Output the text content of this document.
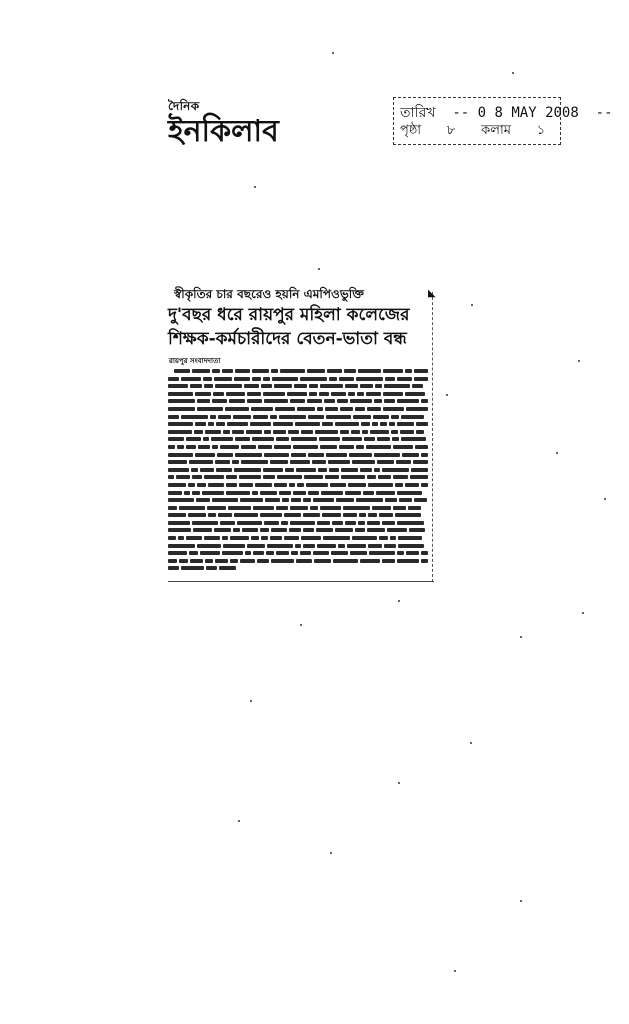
দৈনিক
ইনকিলাব
তারিখ  -- 0 8 MAY 2008  --
পৃষ্ঠা ৮ কলাম ১
স্বীকৃতির চার বছরেও হয়নি এমপিওভুক্তি
দু'বছর ধরে রায়পুর মহিলা কলেজের
শিক্ষক-কর্মচারীদের বেতন-ভাতা বন্ধ
রায়পুর সংবাদদাতা
◣
